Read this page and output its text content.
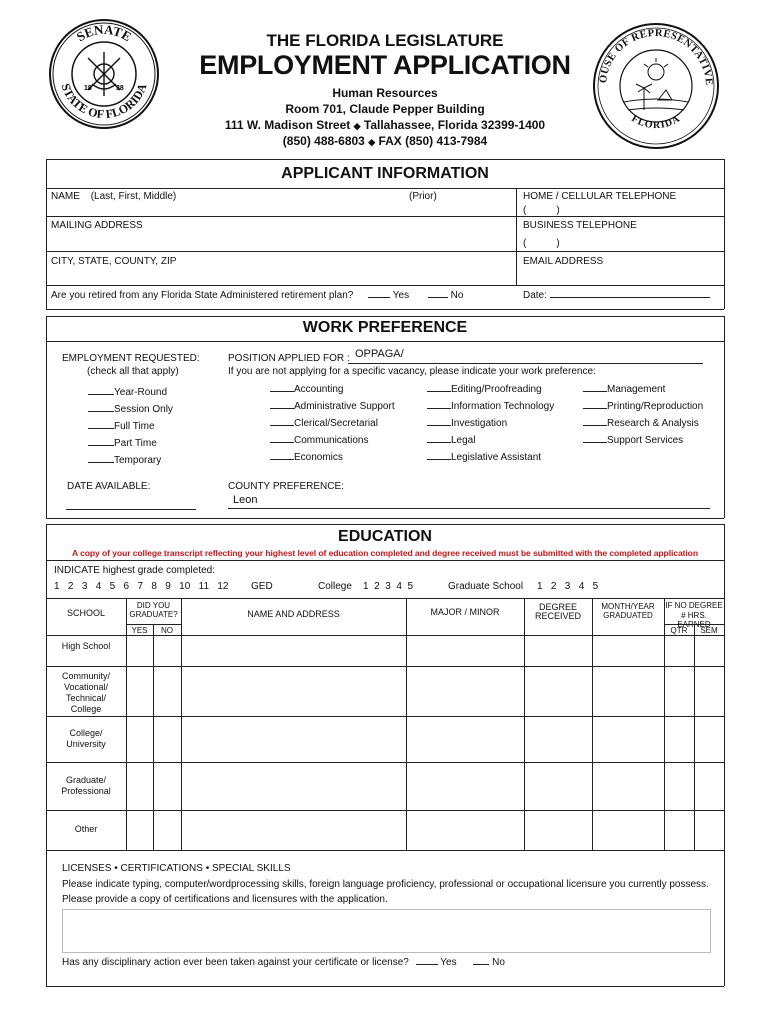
SENATE
STATE OF FLORIDA
18	38
OUSE OF REPRESENTATIVE
FLORIDA
THE FLORIDA LEGISLATURE
EMPLOYMENT APPLICATION
Human Resources
Room 701, Claude Pepper Building
111 W. Madison Street ◆ Tallahassee, Florida 32399-1400
(850) 488-6803 ◆ FAX (850) 413-7984
APPLICANT INFORMATION
NAME (Last, First, Middle)	(Prior)	HOME / CELLULAR TELEPHONE
(	)
MAILING ADDRESS	BUSINESS TELEPHONE
(	)
CITY, STATE, COUNTY, ZIP	EMAIL ADDRESS
Are you retired from any Florida State Administered retirement plan?	Yes	No	Date:
WORK PREFERENCE
EMPLOYMENT REQUESTED:
(check all that apply)
POSITION APPLIED FOR : OPPAGA/
If you are not applying for a specific vacancy, please indicate your work preference:
Year-Round
Session Only
Full Time
Part Time
Temporary
Accounting
Administrative Support
Clerical/Secretarial
Communications
Economics
Editing/Proofreading
Information Technology
Investigation
Legal
Legislative Assistant
Management
Printing/Reproduction
Research & Analysis
Support Services
DATE AVAILABLE:	COUNTY PREFERENCE:
Leon
EDUCATION
A copy of your college transcript reflecting your highest level of education completed and degree received must be submitted with the completed application
INDICATE highest grade completed:
1 2 3 4 5 6 7 8 9 10 11 12 GED	College 1 2 3 4 5	Graduate School 1 2 3 4 5
SCHOOL
DID YOU
GRADUATE?
YES	NO
NAME AND ADDRESS	MAJOR / MINOR	DEGREE
RECEIVED
MONTH/YEAR
GRADUATED
IF NO DEGREE
# HRS. EARNED
QTR	SEM
High School
Community/
Vocational/
Technical/
College
College/
University
Graduate/
Professional
Other
LICENSES • CERTIFICATIONS • SPECIAL SKILLS
Please indicate typing, computer/wordprocessing skills, foreign language proficiency, professional or occupational licensure you currently possess.
Please provide a copy of certifications and licensures with the application.
Has any disciplinary action ever been taken against your certificate or license?	Yes	No
